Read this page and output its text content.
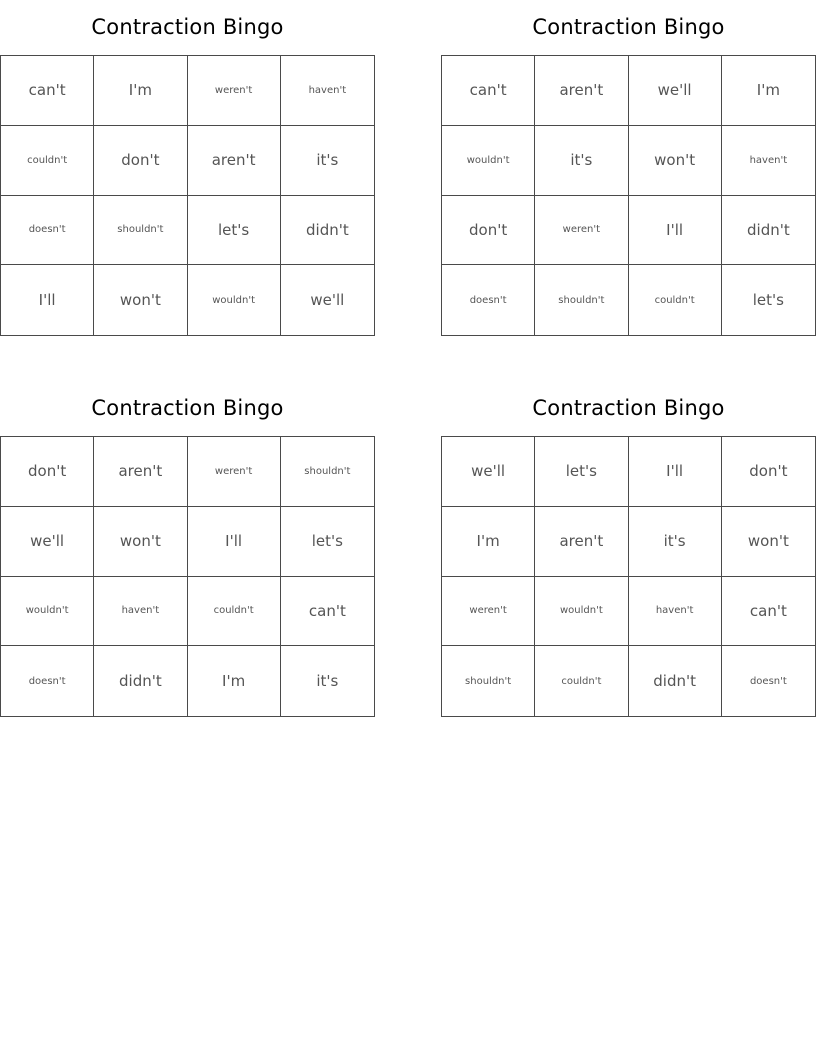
Contraction Bingo
can't	I'm	weren't	haven't
couldn't	don't	aren't	it's
doesn't	shouldn't	let's	didn't
I'll	won't	wouldn't	we'll
Contraction Bingo
can't	aren't	we'll	I'm
wouldn't	it's	won't	haven't
don't	weren't	I'll	didn't
doesn't	shouldn't	couldn't	let's
Contraction Bingo
don't	aren't	weren't	shouldn't
we'll	won't	I'll	let's
wouldn't	haven't	couldn't	can't
doesn't	didn't	I'm	it's
Contraction Bingo
we'll	let's	I'll	don't
I'm	aren't	it's	won't
weren't	wouldn't	haven't	can't
shouldn't	couldn't	didn't	doesn't
